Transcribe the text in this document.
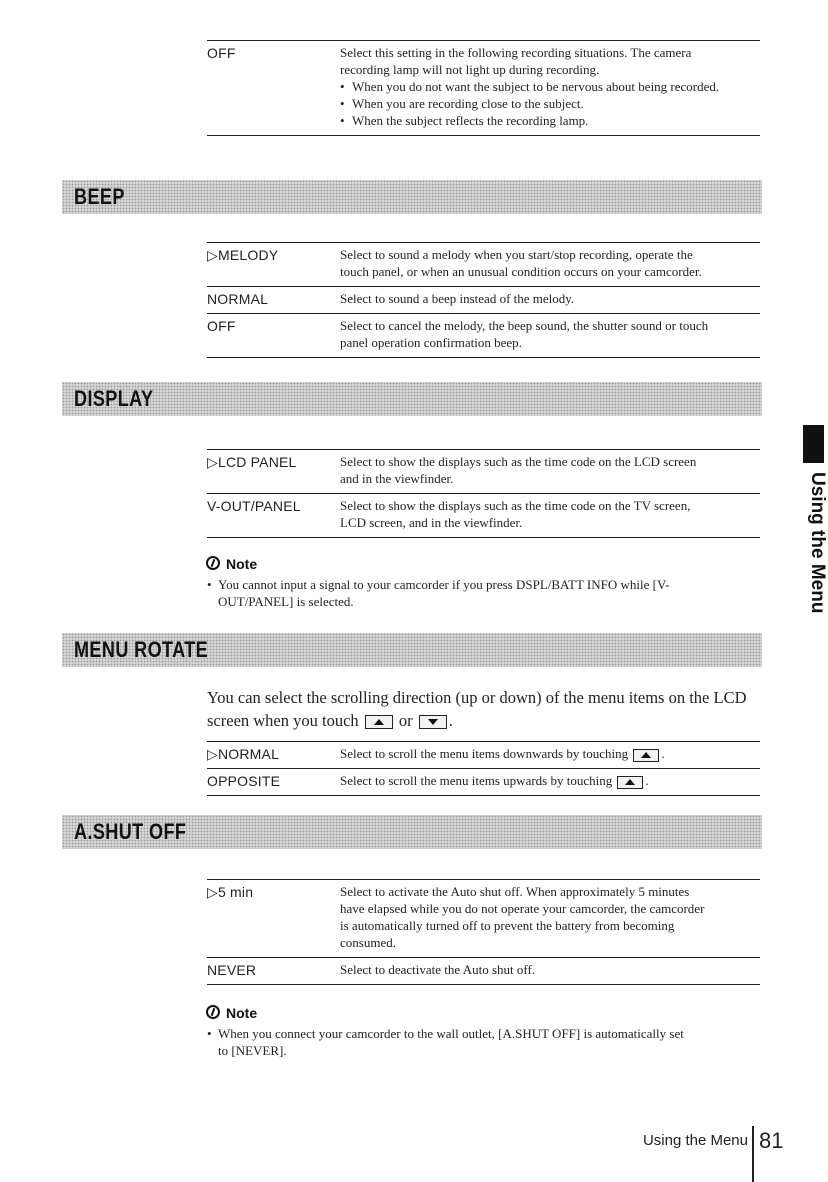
OFF	Select this setting in the following recording situations. The camera
recording lamp will not light up during recording.
• When you do not want the subject to be nervous about being recorded.
• When you are recording close to the subject.
• When the subject reflects the recording lamp.
BEEP
▷MELODY	Select to sound a melody when you start/stop recording, operate the
touch panel, or when an unusual condition occurs on your camcorder.
NORMAL	Select to sound a beep instead of the melody.
OFF	Select to cancel the melody, the beep sound, the shutter sound or touch
panel operation confirmation beep.
DISPLAY
▷LCD PANEL	Select to show the displays such as the time code on the LCD screen
and in the viewfinder.
V-OUT/PANEL	Select to show the displays such as the time code on the TV screen,
LCD screen, and in the viewfinder.
Note
• You cannot input a signal to your camcorder if you press DSPL/BATT INFO while [V-
OUT/PANEL] is selected.
MENU ROTATE
You can select the scrolling direction (up or down) of the menu items on the LCD
screen when you touch or .
▷NORMAL	Select to scroll the menu items downwards by touching	.
OPPOSITE	Select to scroll the menu items upwards by touching	.
A.SHUT OFF
▷5 min	Select to activate the Auto shut off. When approximately 5 minutes
have elapsed while you do not operate your camcorder, the camcorder
is automatically turned off to prevent the battery from becoming
consumed.
NEVER	Select to deactivate the Auto shut off.
Note
• When you connect your camcorder to the wall outlet, [A.SHUT OFF] is automatically set
to [NEVER].
Using the Menu
Using the Menu 81
